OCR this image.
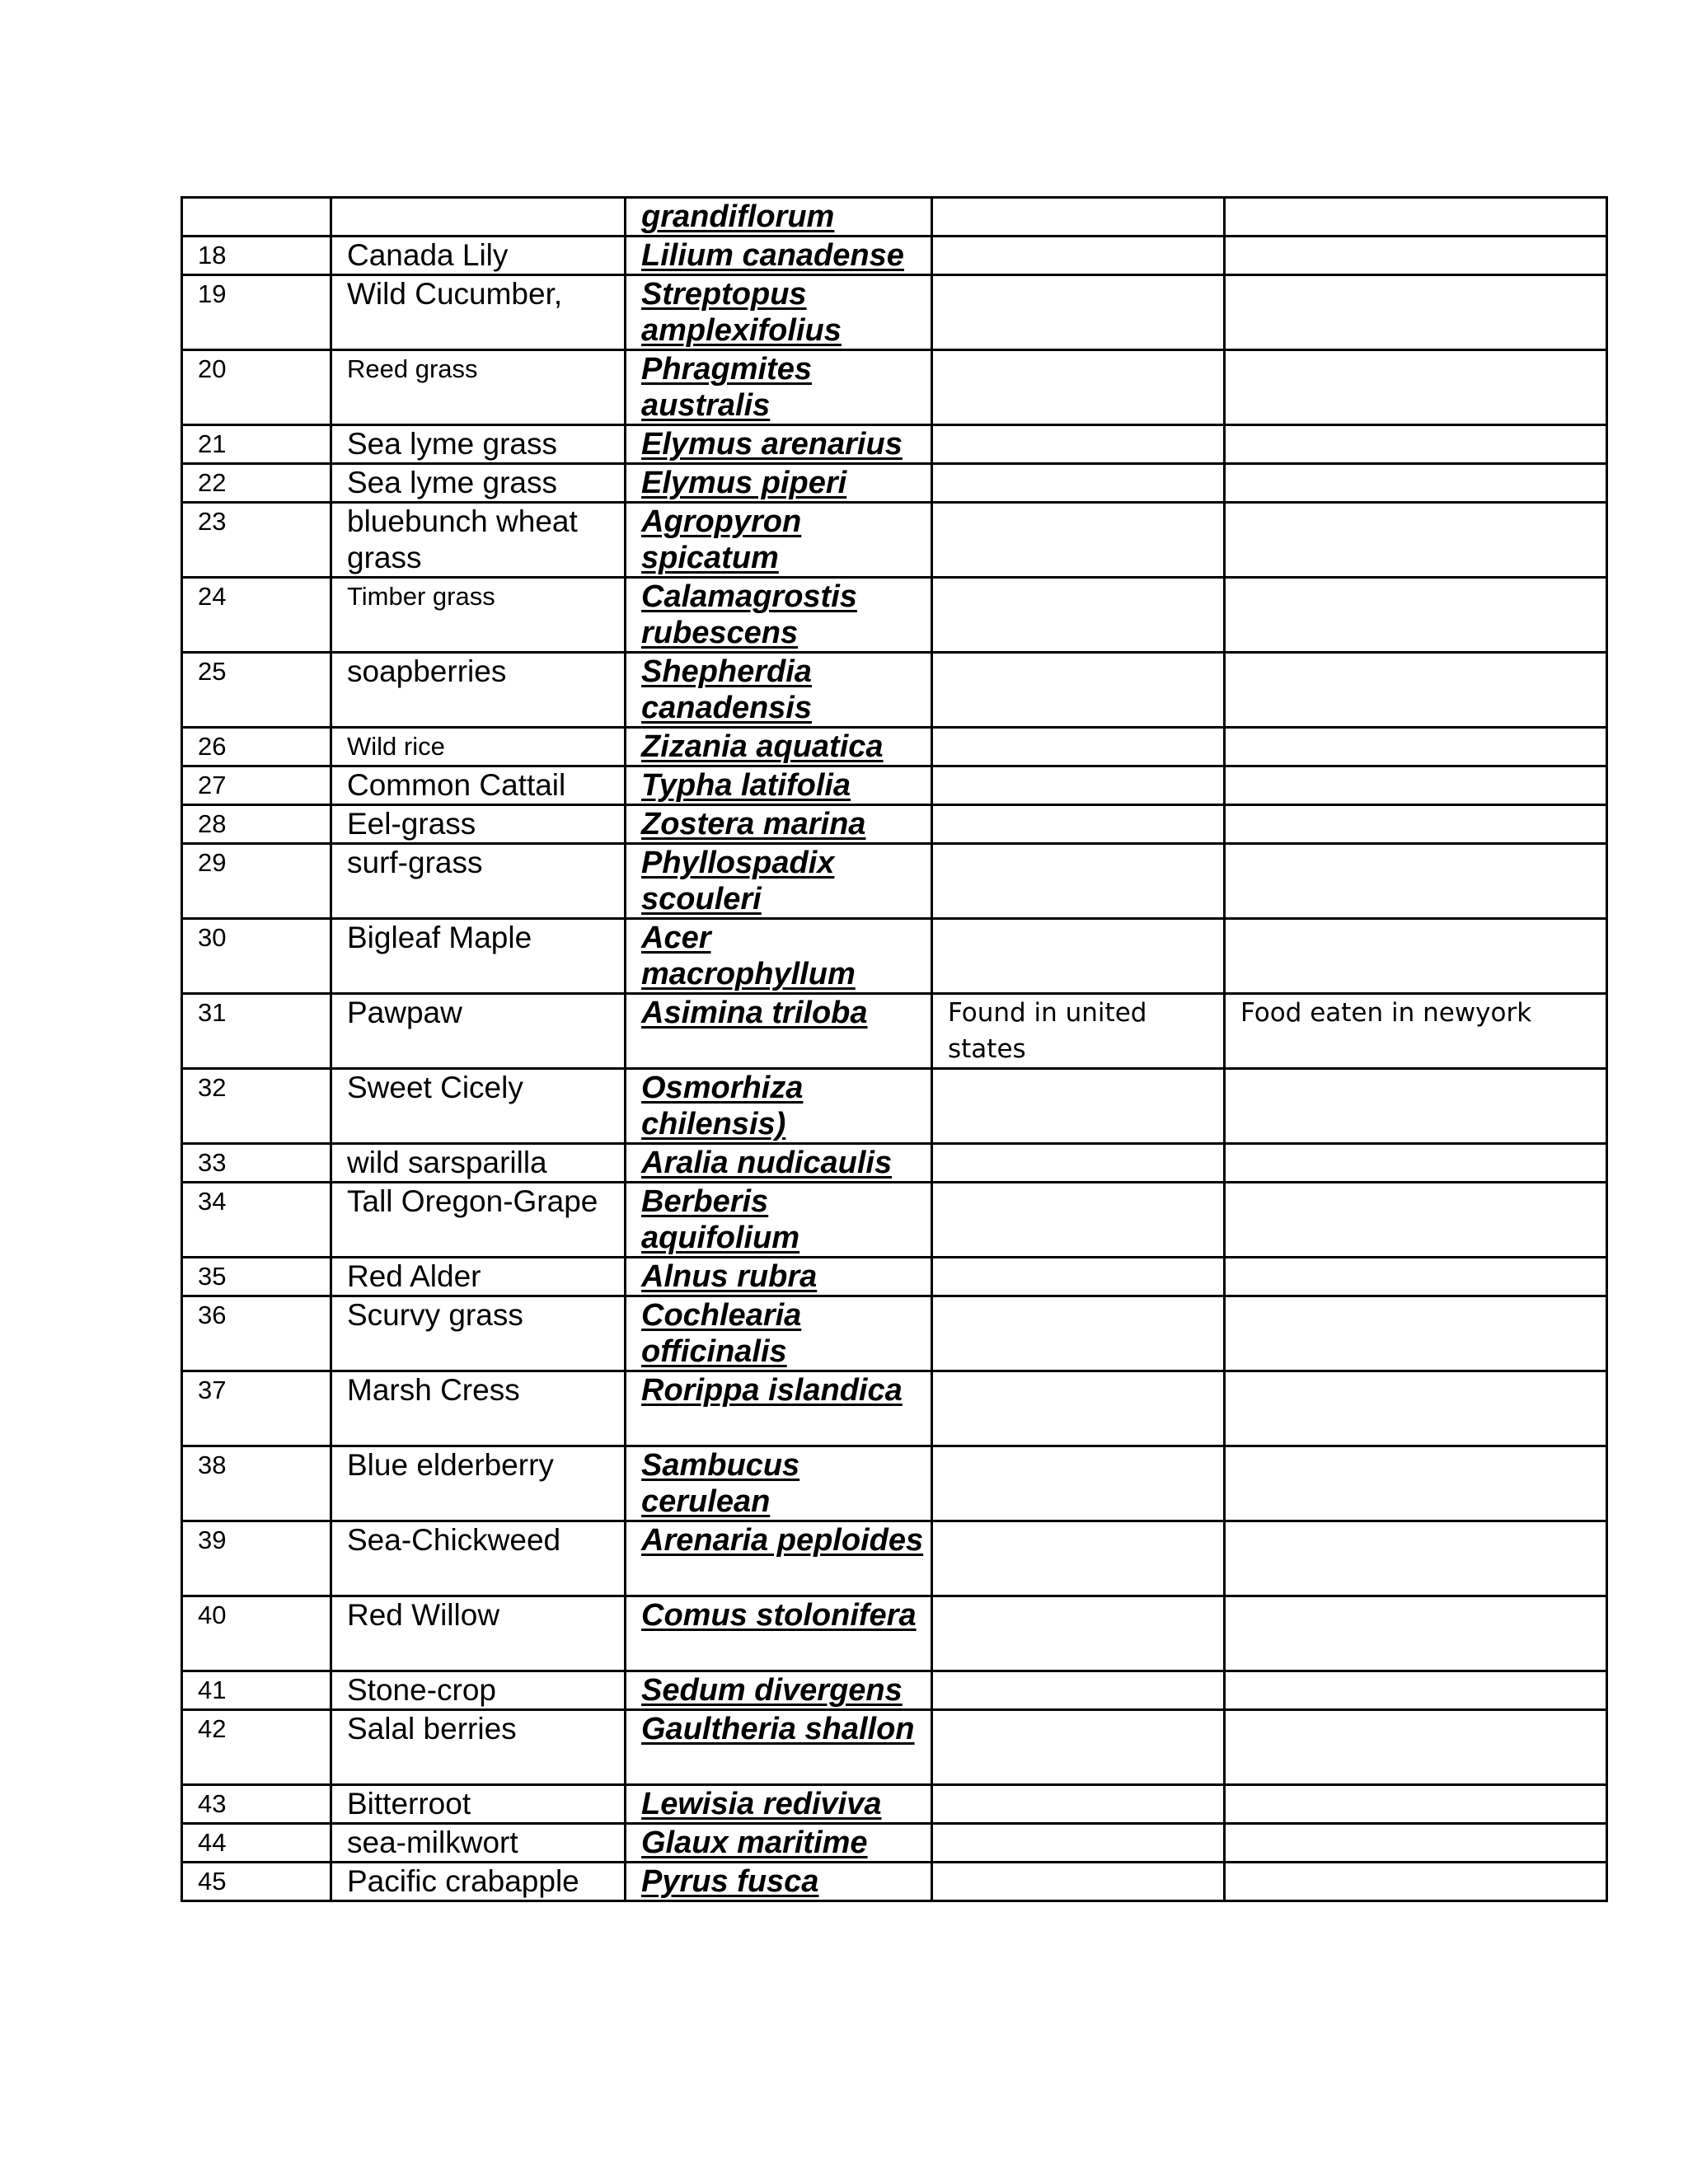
		grandiflorum		
18	Canada Lily	Lilium canadense		
19	Wild Cucumber,	Streptopus amplexifolius		
20	Reed grass	Phragmites australis		
21	Sea lyme grass	Elymus arenarius		
22	Sea lyme grass	Elymus piperi		
23	bluebunch wheat grass	Agropyron spicatum		
24	Timber grass	Calamagrostis rubescens		
25	soapberries	Shepherdia canadensis		
26	Wild rice	Zizania aquatica		
27	Common Cattail	Typha latifolia		
28	Eel-grass	Zostera marina		
29	surf-grass	Phyllospadix scouleri		
30	Bigleaf Maple	Acer macrophyllum		
31	Pawpaw	Asimina triloba	Found in united states	Food eaten in newyork
32	Sweet Cicely	Osmorhiza chilensis)		
33	wild sarsparilla	Aralia nudicaulis		
34	Tall Oregon-Grape	Berberis aquifolium		
35	Red Alder	Alnus rubra		
36	Scurvy grass	Cochlearia officinalis		
37	Marsh Cress	Rorippa islandica		
38	Blue elderberry	Sambucus cerulean		
39	Sea-Chickweed	Arenaria peploides		
40	Red Willow	Comus stolonifera		
41	Stone-crop	Sedum divergens		
42	Salal berries	Gaultheria shallon		
43	Bitterroot	Lewisia rediviva		
44	sea-milkwort	Glaux maritime		
45	Pacific crabapple	Pyrus fusca		
